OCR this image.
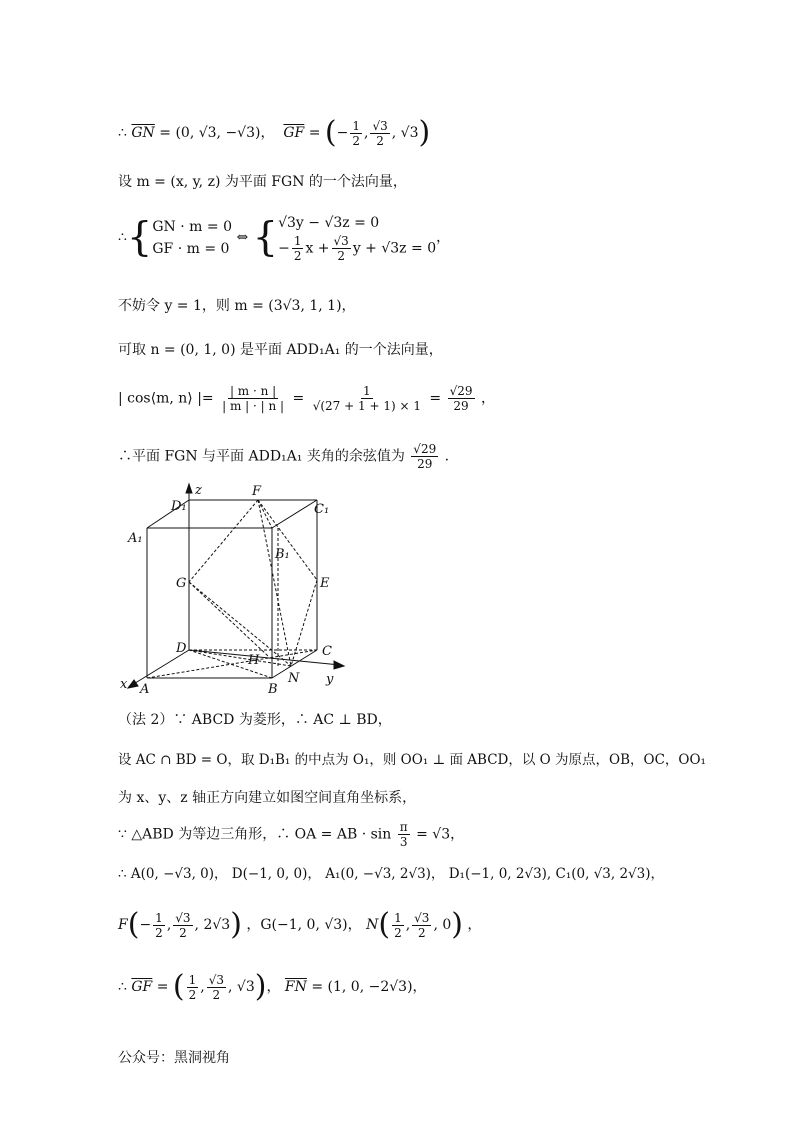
∴ $\overline{GN} = (0$, √3, −√3)， $\overline{GF}$ = (− $\frac{1}{2}$ , $\frac{√3}{2}$ , √3)
设 m = (x, y, z) 为平面 FGN 的一个法向量，
∴{ GN · m = 0
GF · m = 0
⇔ { √3y − √3z = 0
− $\frac{1}{2}$ $x + \frac{√3}{2}$ y + √3z = 0
，
不妨令 y = 1，则 m = (3√3, 1, 1)，
可取 n = (0, 1, 0) 是平面 ADD₁A₁ 的一个法向量，
| cos⟨m, n⟩ |= $\frac{| m \cdot n |}{| m | \cdot | n |} = \frac{1}{√(27 + 1 + 1) \times 1} = \frac{√29}{29}$ ，
∴平面 FGN 与平面 ADD₁A₁ 夹角的余弦值为 $\frac{√29}{29}$ .
z
D₁
F
C₁
A₁
B₁
G	E
D
H
C
N
x A	B
y
（法 2）∵ ABCD 为菱形，∴ AC ⊥ BD，
设 AC ∩ BD = O，取 D₁B₁ 的中点为 O₁，则 OO₁ ⊥ 面 ABCD，以 O 为原点，OB，OC，OO₁
为 x、y、z 轴正方向建立如图空间直角坐标系，
∵ △ABD 为等边三角形，∴ OA = AB · $\sin \frac{\pi}{3} = √3$，
∴ A(0, −√3, 0)， D(−1, 0, 0)， A₁(0, −√3, 2√3)， D₁(−1, 0, 2√3), C₁(0, √3, 2√3)，
$F(- \frac{1}{2}$ , $\frac{√3}{2}$ , 2√3) ，G(−1, 0, √3)， $N( \frac{1}{2}$ , $\frac{√3}{2}$ , 0) ，
∴ $\overline{GF}$ = ( $\frac{1}{2}$ , $\frac{√3}{2}$ , √3)， $\overline{FN} = (1$, 0, −2√3)，
公众号：黑洞视角
